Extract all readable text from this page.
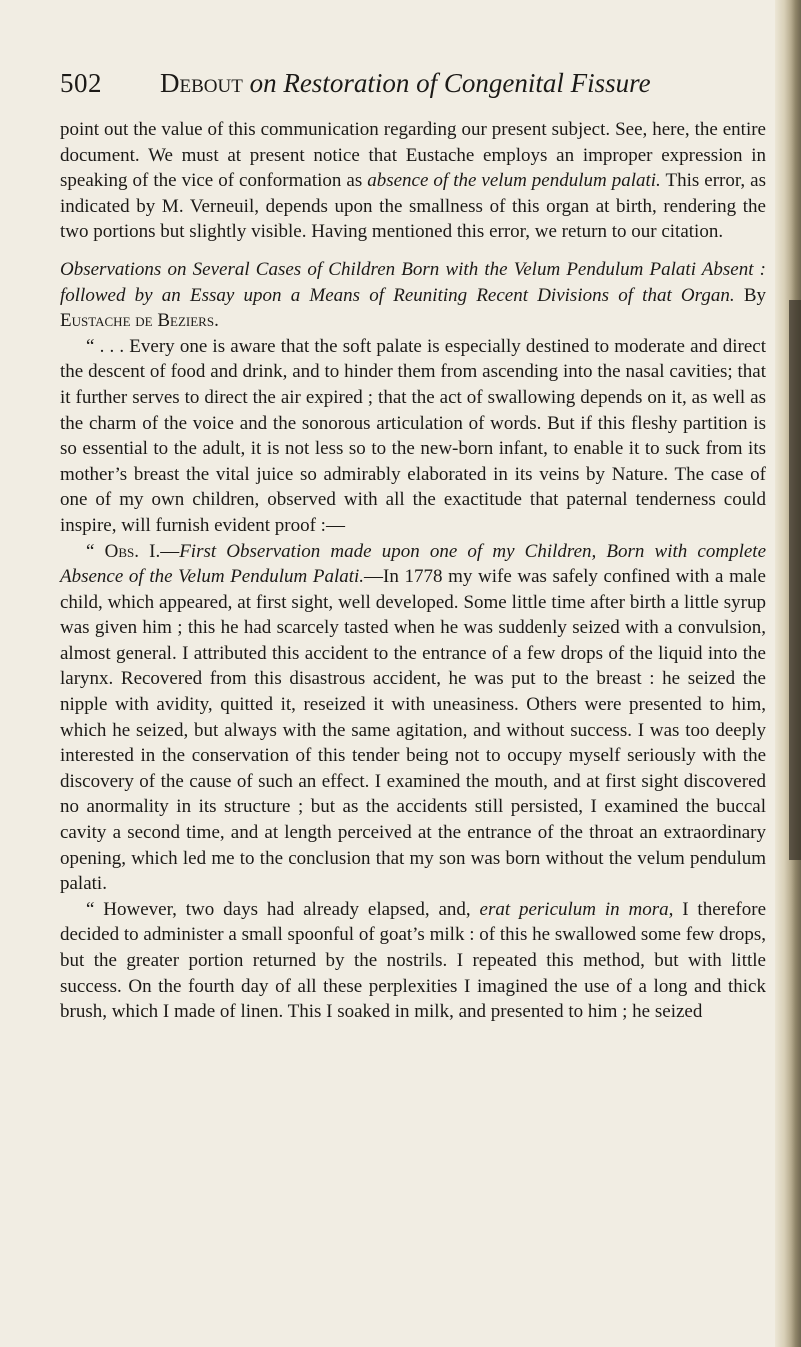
502 Debout on Restoration of Congenital Fissure

point out the value of this communication regarding our present subject. See, here, the entire document. We must at present notice that Eustache employs an improper expression in speaking of the vice of conformation as absence of the velum pendulum palati. This error, as indicated by M. Verneuil, depends upon the smallness of this organ at birth, rendering the two portions but slightly visible. Having mentioned this error, we return to our citation.

Observations on Several Cases of Children Born with the Velum Pendulum Palati Absent : followed by an Essay upon a Means of Reuniting Recent Divisions of that Organ. By Eustache de Beziers.

“ . . . Every one is aware that the soft palate is especially destined to moderate and direct the descent of food and drink, and to hinder them from ascending into the nasal cavities; that it further serves to direct the air expired ; that the act of swallowing depends on it, as well as the charm of the voice and the sonorous articulation of words. But if this fleshy partition is so essential to the adult, it is not less so to the new-born infant, to enable it to suck from its mother’s breast the vital juice so admirably elaborated in its veins by Nature. The case of one of my own children, observed with all the exactitude that paternal tenderness could inspire, will furnish evident proof :—

“ Obs. I.—First Observation made upon one of my Children, Born with complete Absence of the Velum Pendulum Palati.—In 1778 my wife was safely confined with a male child, which appeared, at first sight, well developed. Some little time after birth a little syrup was given him ; this he had scarcely tasted when he was suddenly seized with a convulsion, almost general. I attributed this accident to the entrance of a few drops of the liquid into the larynx. Recovered from this disastrous accident, he was put to the breast : he seized the nipple with avidity, quitted it, reseized it with uneasiness. Others were presented to him, which he seized, but always with the same agitation, and without success. I was too deeply interested in the conservation of this tender being not to occupy myself seriously with the discovery of the cause of such an effect. I examined the mouth, and at first sight discovered no anormality in its structure ; but as the accidents still persisted, I examined the buccal cavity a second time, and at length perceived at the entrance of the throat an extraordinary opening, which led me to the conclusion that my son was born without the velum pendulum palati.

“ However, two days had already elapsed, and, erat periculum in mora, I therefore decided to administer a small spoonful of goat’s milk : of this he swallowed some few drops, but the greater portion returned by the nostrils. I repeated this method, but with little success. On the fourth day of all these perplexities I imagined the use of a long and thick brush, which I made of linen. This I soaked in milk, and presented to him ; he seized
